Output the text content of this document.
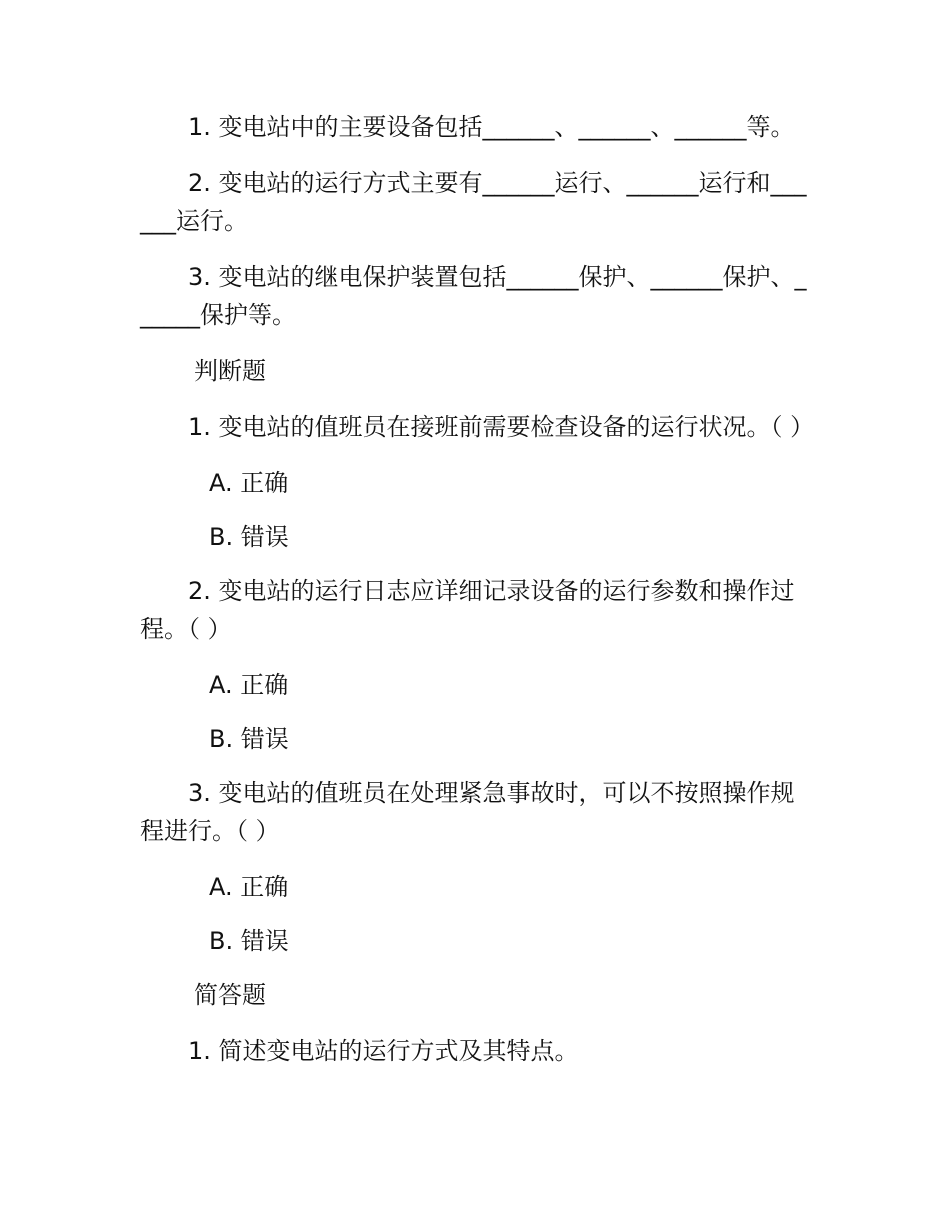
1. 变电站中的主要设备包括______、______、______等。

2. 变电站的运行方式主要有______运行、______运行和______运行。

3. 变电站的继电保护装置包括______保护、______保护、______保护等。

判断题

1. 变电站的值班员在接班前需要检查设备的运行状况。（ ）

A. 正确

B. 错误

2. 变电站的运行日志应详细记录设备的运行参数和操作过程。（ ）

A. 正确

B. 错误

3. 变电站的值班员在处理紧急事故时，可以不按照操作规程进行。（ ）

A. 正确

B. 错误

简答题

1. 简述变电站的运行方式及其特点。
